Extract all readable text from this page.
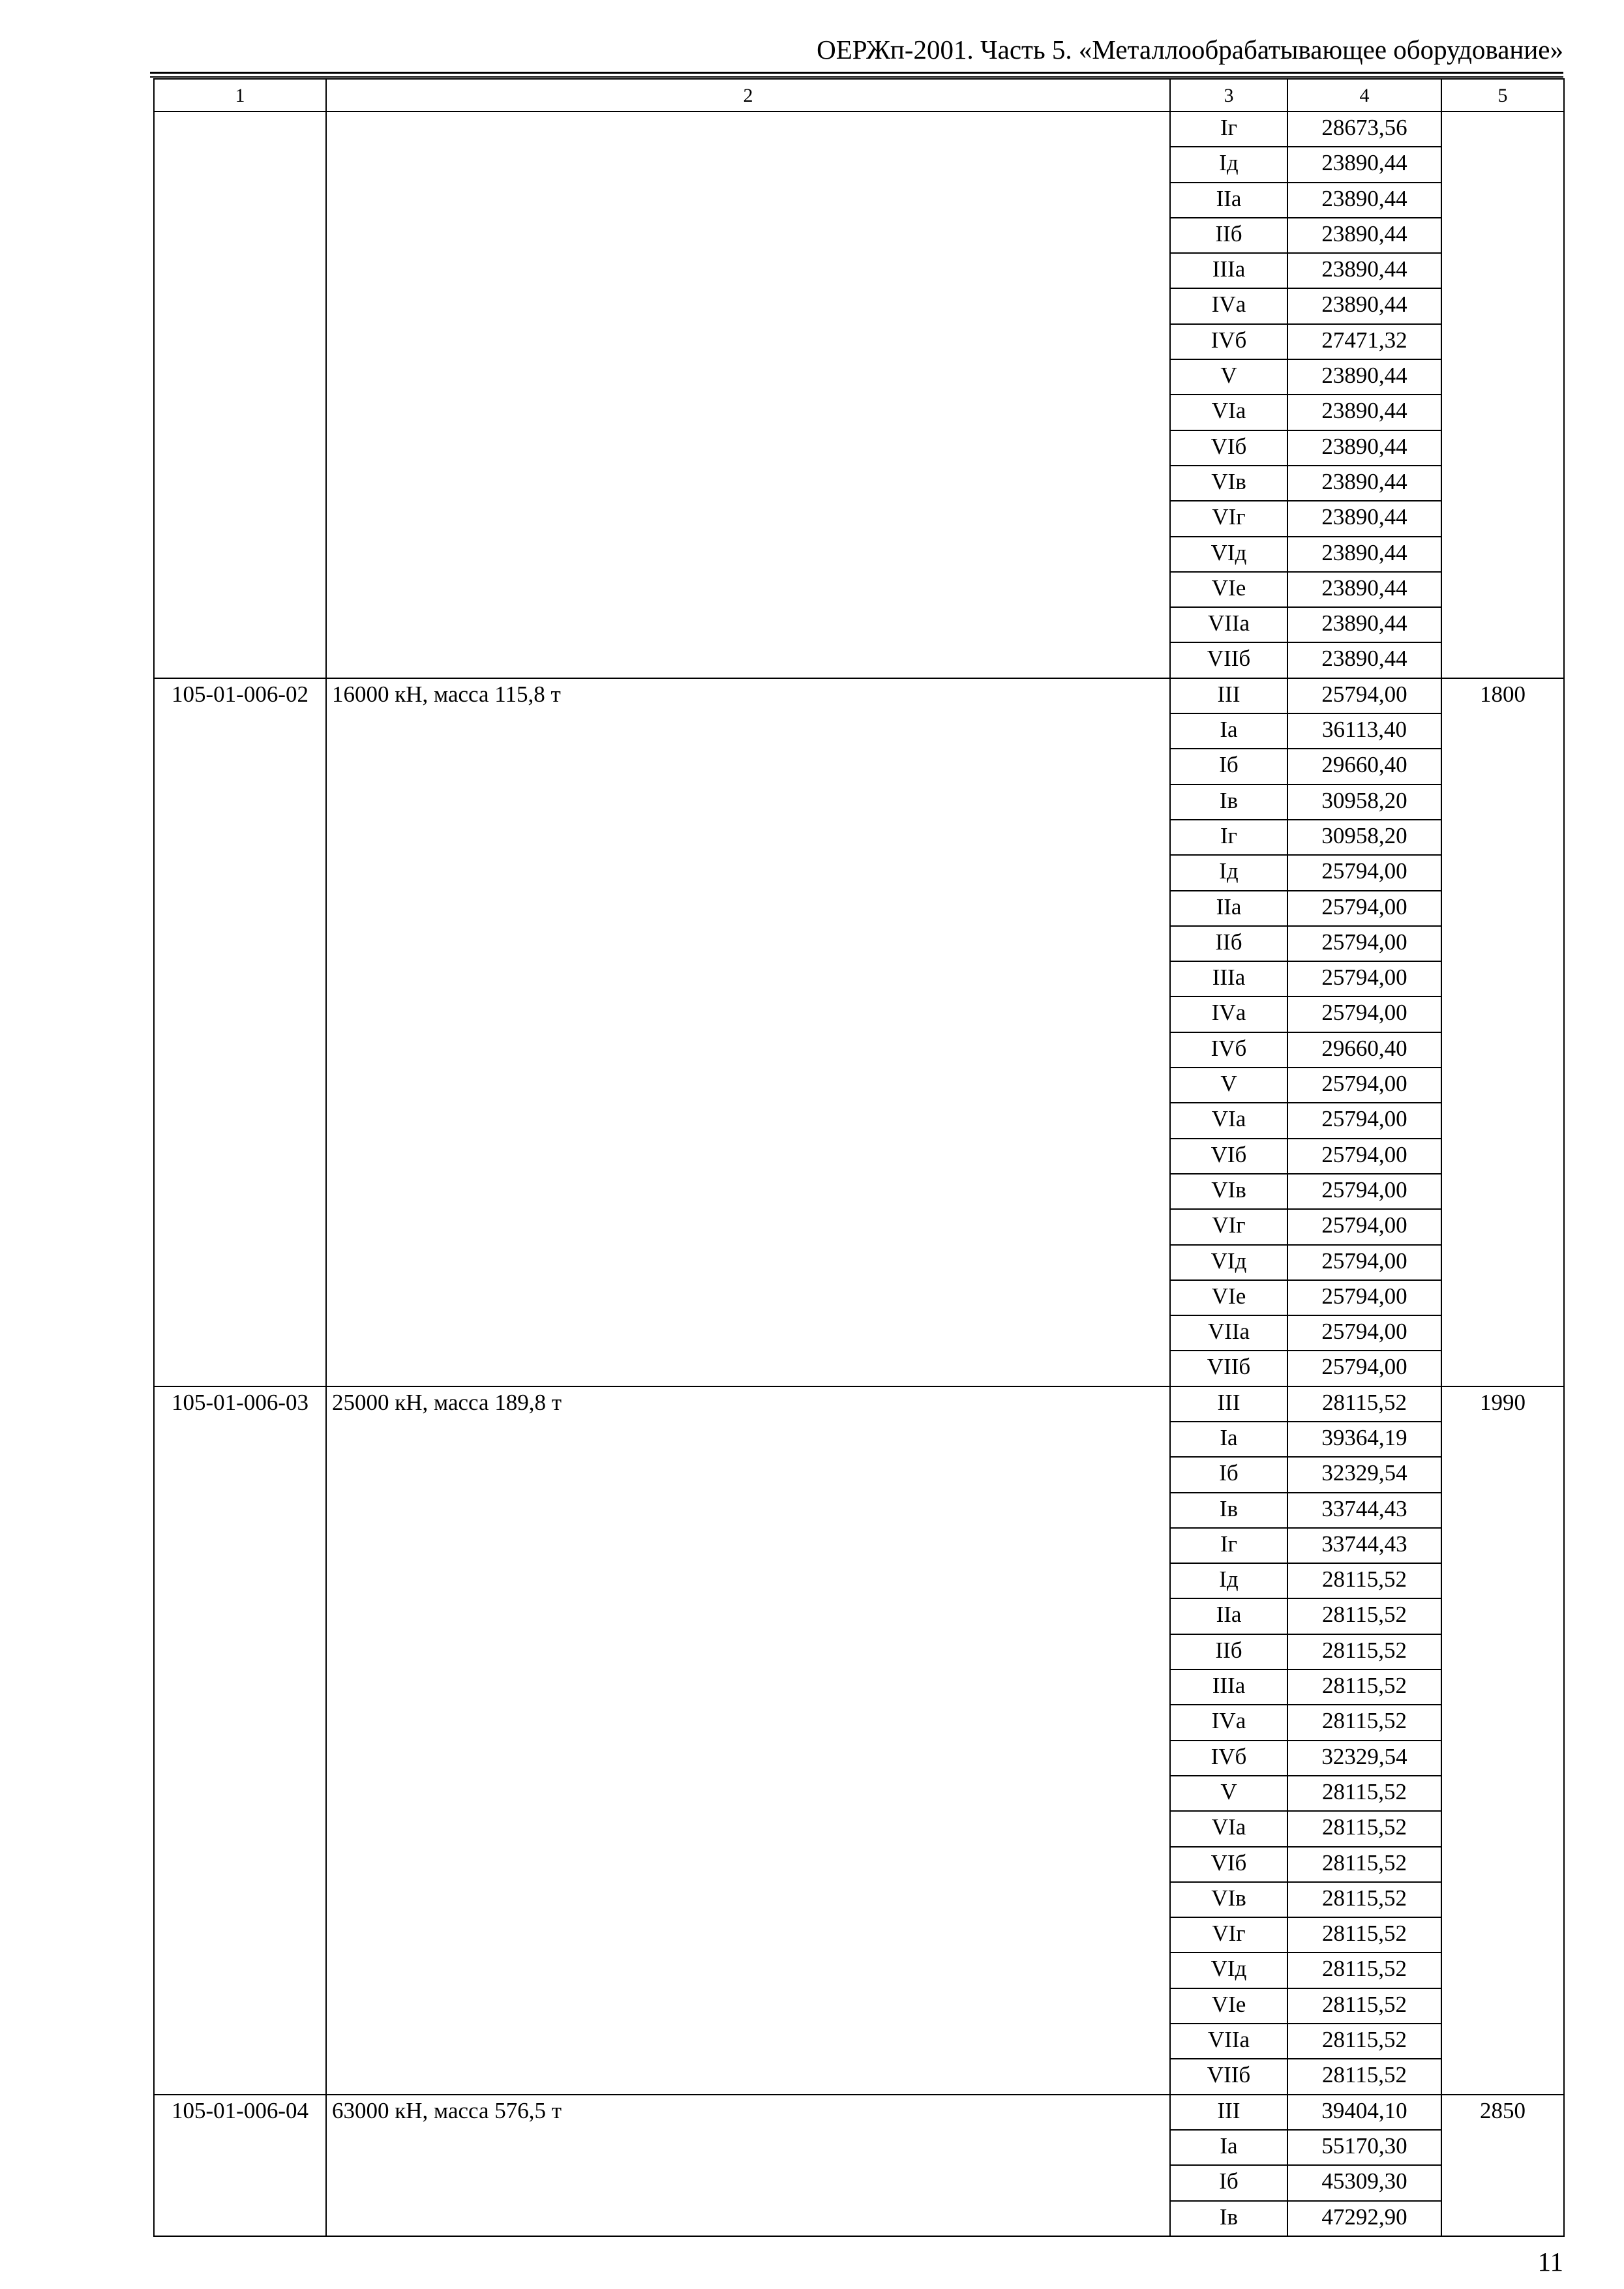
ОЕРЖп-2001. Часть 5. «Металлообрабатывающее оборудование»
1	2	3	4	5
		Iг	28673,56	
		Iд	23890,44	
		IIа	23890,44	
		IIб	23890,44	
		IIIа	23890,44	
		IVа	23890,44	
		IVб	27471,32	
		V	23890,44	
		VIа	23890,44	
		VIб	23890,44	
		VIв	23890,44	
		VIг	23890,44	
		VIд	23890,44	
		VIе	23890,44	
		VIIа	23890,44	
		VIIб	23890,44	
105-01-006-02	16000 кН, масса 115,8 т	III	25794,00	1800
		Iа	36113,40	
		Iб	29660,40	
		Iв	30958,20	
		Iг	30958,20	
		Iд	25794,00	
		IIа	25794,00	
		IIб	25794,00	
		IIIа	25794,00	
		IVа	25794,00	
		IVб	29660,40	
		V	25794,00	
		VIа	25794,00	
		VIб	25794,00	
		VIв	25794,00	
		VIг	25794,00	
		VIд	25794,00	
		VIе	25794,00	
		VIIа	25794,00	
		VIIб	25794,00	
105-01-006-03	25000 кН, масса 189,8 т	III	28115,52	1990
		Iа	39364,19	
		Iб	32329,54	
		Iв	33744,43	
		Iг	33744,43	
		Iд	28115,52	
		IIа	28115,52	
		IIб	28115,52	
		IIIа	28115,52	
		IVа	28115,52	
		IVб	32329,54	
		V	28115,52	
		VIа	28115,52	
		VIб	28115,52	
		VIв	28115,52	
		VIг	28115,52	
		VIд	28115,52	
		VIе	28115,52	
		VIIа	28115,52	
		VIIб	28115,52	
105-01-006-04	63000 кН, масса 576,5 т	III	39404,10	2850
		Iа	55170,30	
		Iб	45309,30	
		Iв	47292,90	
11
